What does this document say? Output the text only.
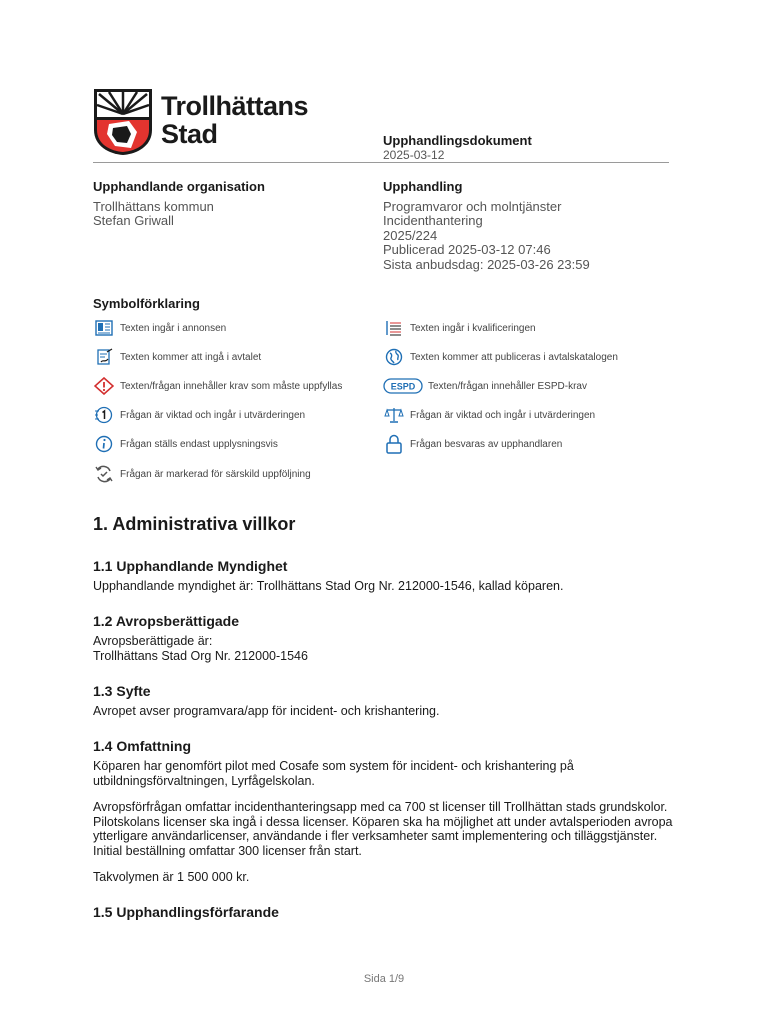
Trollhättans
Stad	Upphandlingsdokument
2025-03-12
Upphandlande organisation
Trollhättans kommun
Stefan Griwall
Upphandling
Programvaror och molntjänster
Incidenthantering
2025/224
Publicerad 2025-03-12 07:46
Sista anbudsdag: 2025-03-26 23:59
Symbolförklaring
Texten ingår i annonsen	Texten ingår i kvalificeringen
Texten kommer att ingå i avtalet	Texten kommer att publiceras i avtalskatalogen
Texten/frågan innehåller krav som måste uppfyllas	ESPD Texten/frågan innehåller ESPD-krav
Frågan är viktad och ingår i utvärderingen	Frågan är viktad och ingår i utvärderingen
Frågan ställs endast upplysningsvis	Frågan besvaras av upphandlaren
Frågan är markerad för särskild uppföljning
1. Administrativa villkor
1.1 Upphandlande Myndighet

Upphandlande myndighet är: Trollhättans Stad Org Nr. 212000-1546, kallad köparen.

1.2 Avropsberättigade

Avropsberättigade är:

Trollhättans Stad Org Nr. 212000-1546

1.3 Syfte

Avropet avser programvara/app för incident- och krishantering.

1.4 Omfattning

Köparen har genomfört pilot med Cosafe som system för incident- och krishantering på utbildningsförvaltningen, Lyrfågelskolan.

Avropsförfrågan omfattar incidenthanteringsapp med ca 700 st licenser till Trollhättan stads grundskolor. Pilotskolans licenser ska ingå i dessa licenser. Köparen ska ha möjlighet att under avtalsperioden avropa ytterligare användarlicenser, användande i fler verksamheter samt implementering och tilläggstjänster. Initial beställning omfattar 300 licenser från start.

Takvolymen är 1 500 000 kr.

1.5 Upphandlingsförfarande
Sida 1/9
